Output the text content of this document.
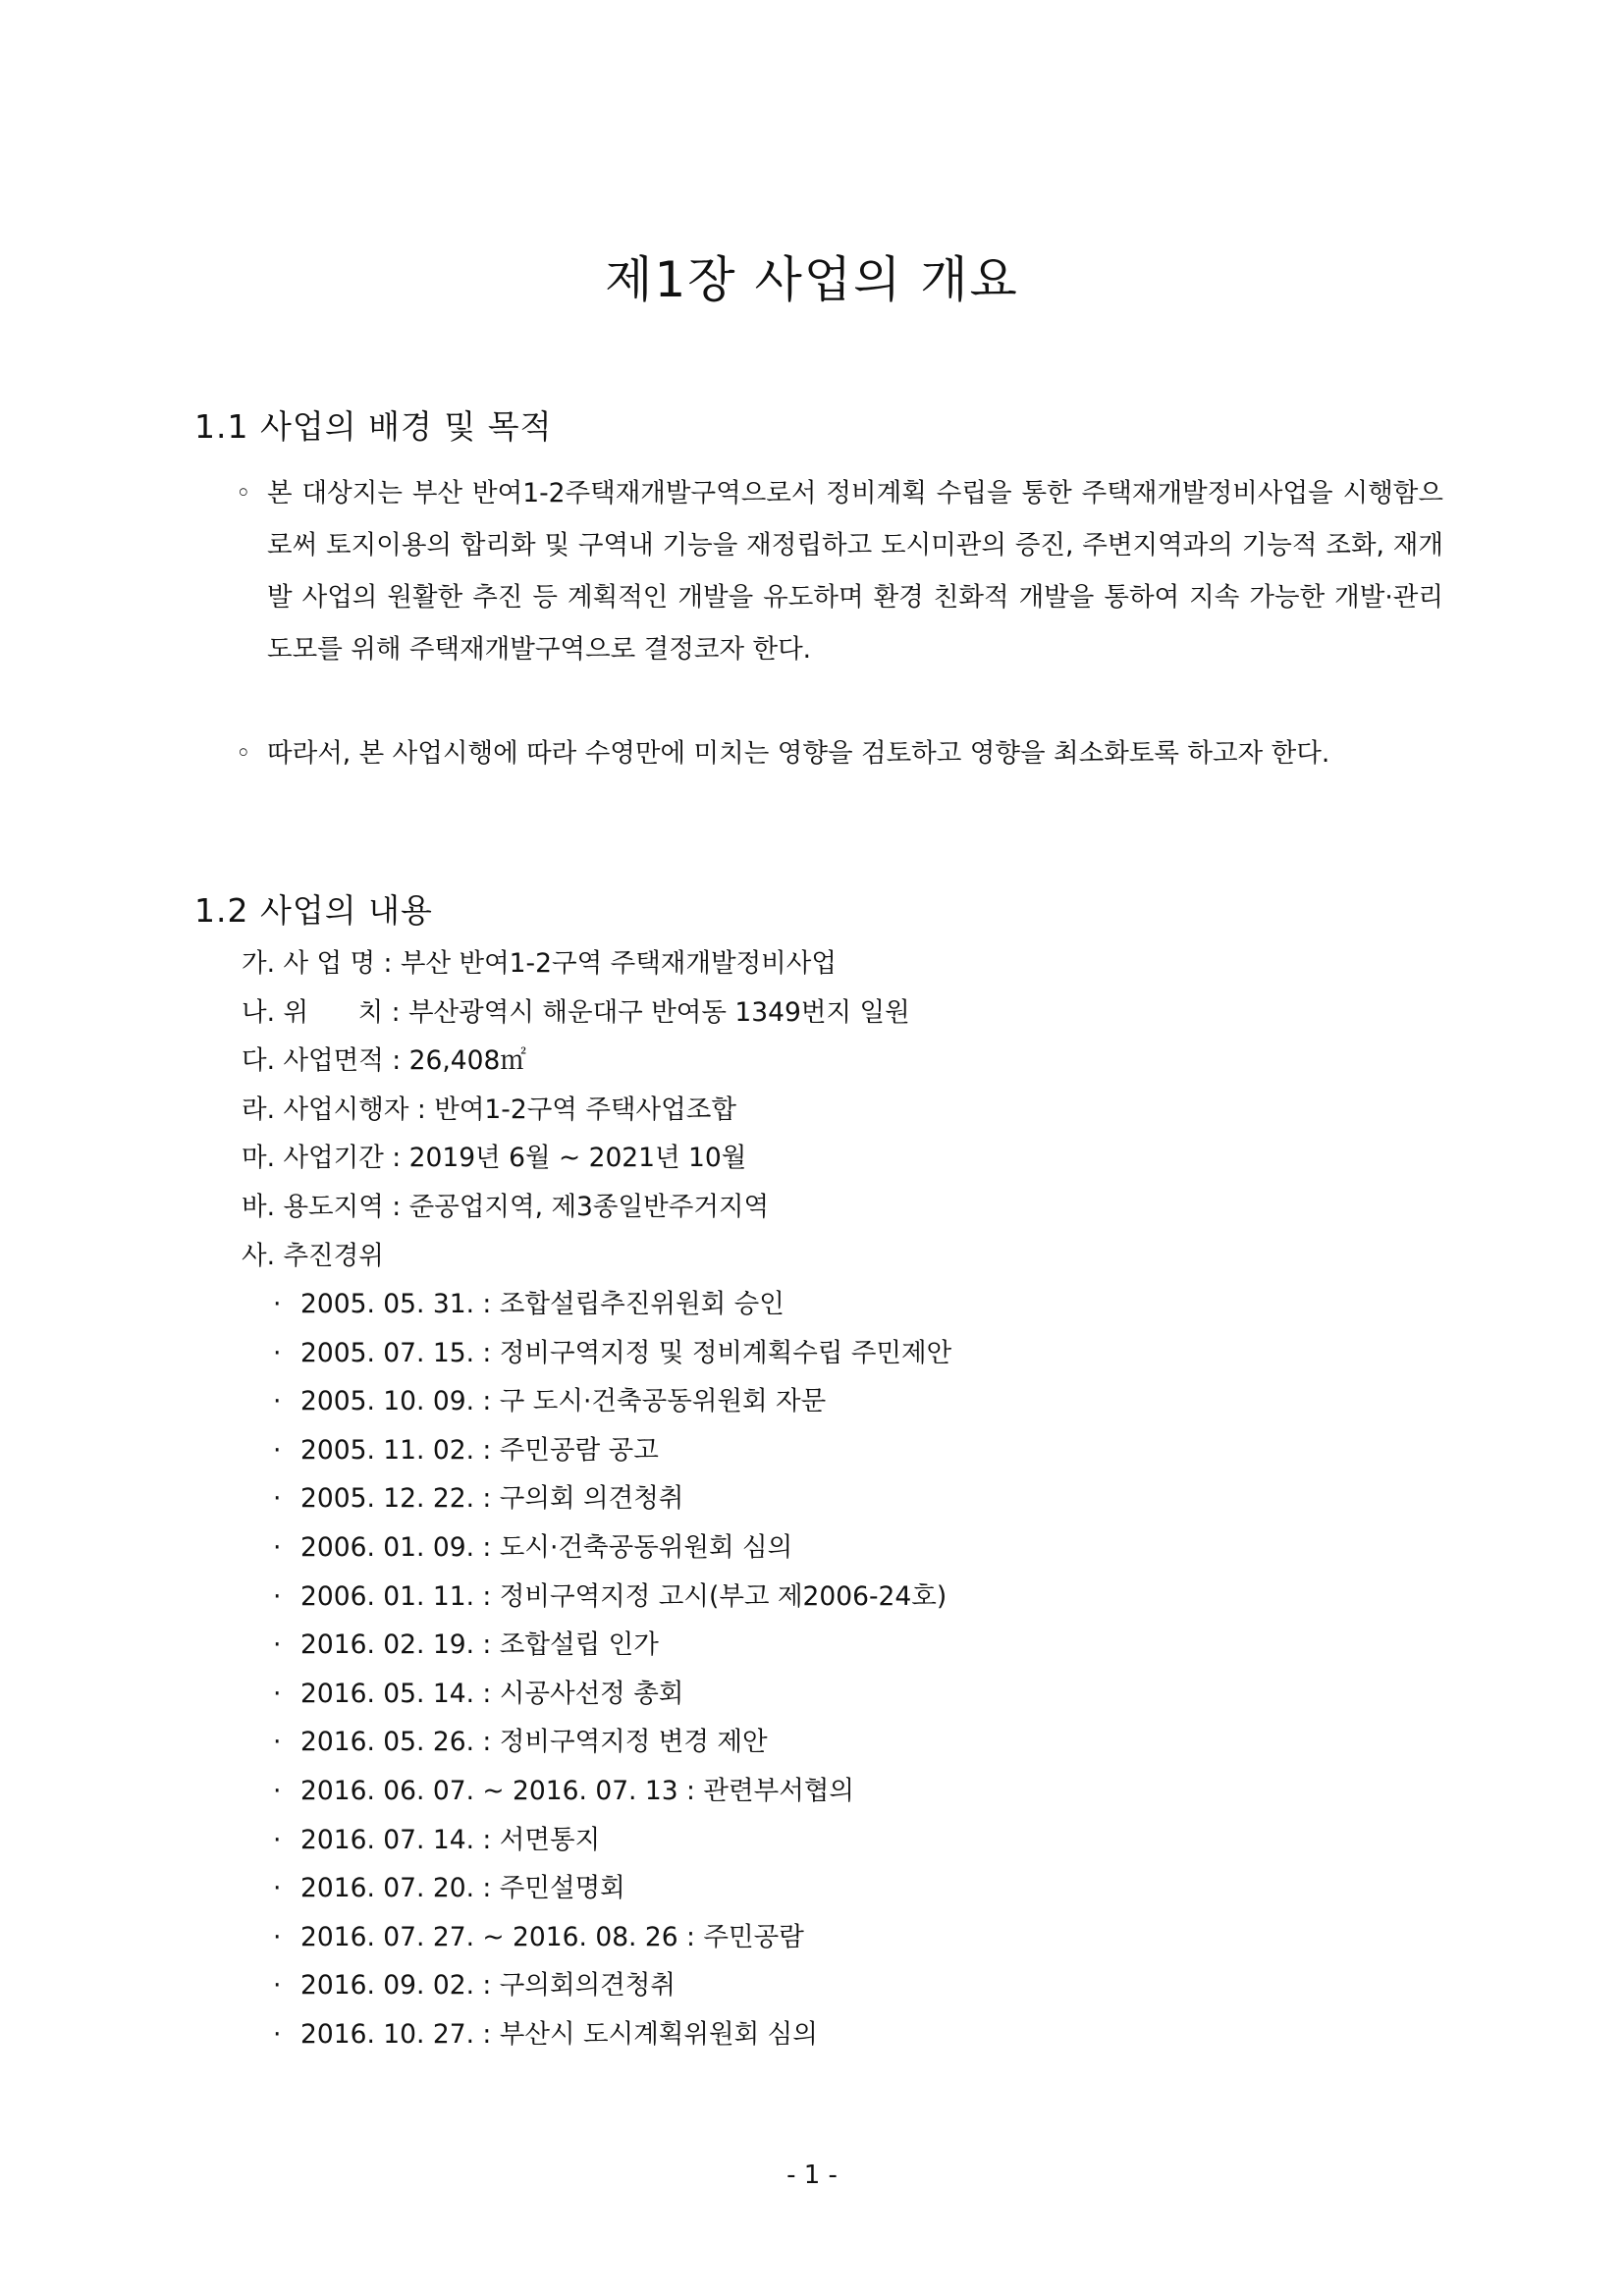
제1장 사업의 개요
1.1 사업의 배경 및 목적

◦ 본 대상지는 부산 반여1-2주택재개발구역으로서 정비계획 수립을 통한 주택재개발정비사업을 시행함으로써 토지이용의 합리화 및 구역내 기능을 재정립하고 도시미관의 증진, 주변지역과의 기능적 조화, 재개발 사업의 원활한 추진 등 계획적인 개발을 유도하며 환경 친화적 개발을 통하여 지속 가능한 개발·관리 도모를 위해 주택재개발구역으로 결정코자 한다.

◦ 따라서, 본 사업시행에 따라 수영만에 미치는 영향을 검토하고 영향을 최소화토록 하고자 한다.

1.2 사업의 내용
가. 사 업 명 : 부산 반여1-2구역 주택재개발정비사업
나. 위      치 : 부산광역시 해운대구 반여동 1349번지 일원
다. 사업면적 : 26,408㎡
라. 사업시행자 : 반여1-2구역 주택사업조합
마. 사업기간 : 2019년 6월 ~ 2021년 10월
바. 용도지역 : 준공업지역, 제3종일반주거지역
사. 추진경위
· 2005. 05. 31. : 조합설립추진위원회 승인
· 2005. 07. 15. : 정비구역지정 및 정비계획수립 주민제안
· 2005. 10. 09. : 구 도시·건축공동위원회 자문
· 2005. 11. 02. : 주민공람 공고
· 2005. 12. 22. : 구의회 의견청취
· 2006. 01. 09. : 도시·건축공동위원회 심의
· 2006. 01. 11. : 정비구역지정 고시(부고 제2006-24호)
· 2016. 02. 19. : 조합설립 인가
· 2016. 05. 14. : 시공사선정 총회
· 2016. 05. 26. : 정비구역지정 변경 제안
· 2016. 06. 07. ~ 2016. 07. 13 : 관련부서협의
· 2016. 07. 14. : 서면통지
· 2016. 07. 20. : 주민설명회
· 2016. 07. 27. ~ 2016. 08. 26 : 주민공람
· 2016. 09. 02. : 구의회의견청취
· 2016. 10. 27. : 부산시 도시계획위원회 심의

- 1 -
